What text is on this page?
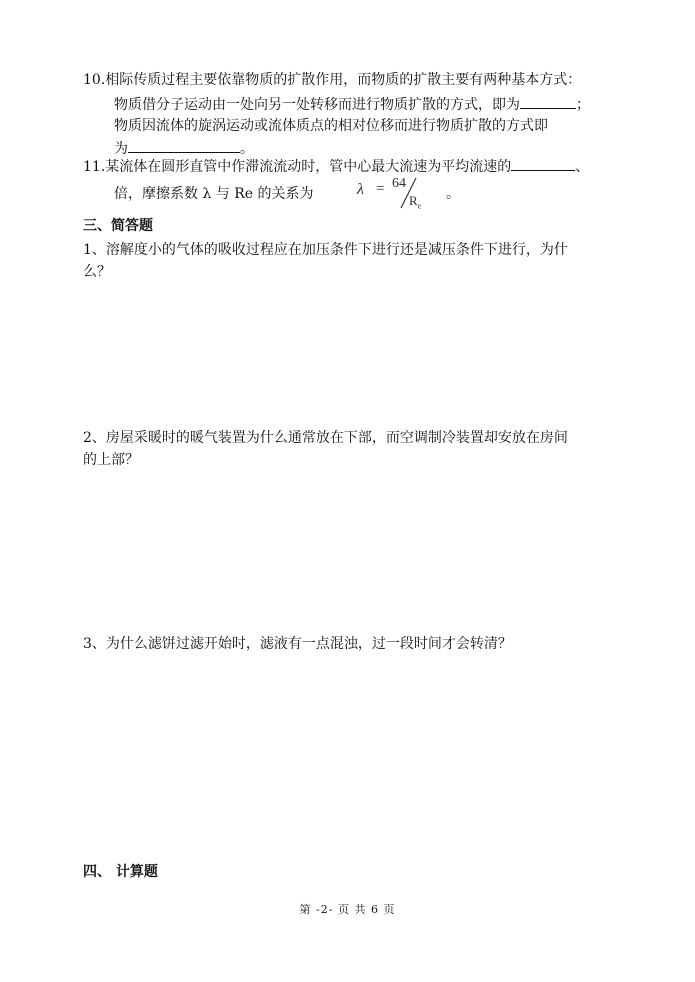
10.相际传质过程主要依靠物质的扩散作用，而物质的扩散主要有两种基本方式：
物质借分子运动由一处向另一处转移而进行物质扩散的方式，即为	；
物质因流体的旋涡运动或流体质点的相对位移而进行物质扩散的方式即
为	。
11.某流体在圆形直管中作滞流流动时，管中心最大流速为平均流速的	、
倍，摩擦系数 λ 与 Re 的关系为	λ = 64
$R_e$
。
三、简答题
1、溶解度小的气体的吸收过程应在加压条件下进行还是减压条件下进行，为什
么？
2、房屋采暖时的暖气装置为什么通常放在下部，而空调制冷装置却安放在房间
的上部？
3、为什么滤饼过滤开始时，滤液有一点混浊，过一段时间才会转清？
四、 计算题
第 -2- 页 共 6 页
